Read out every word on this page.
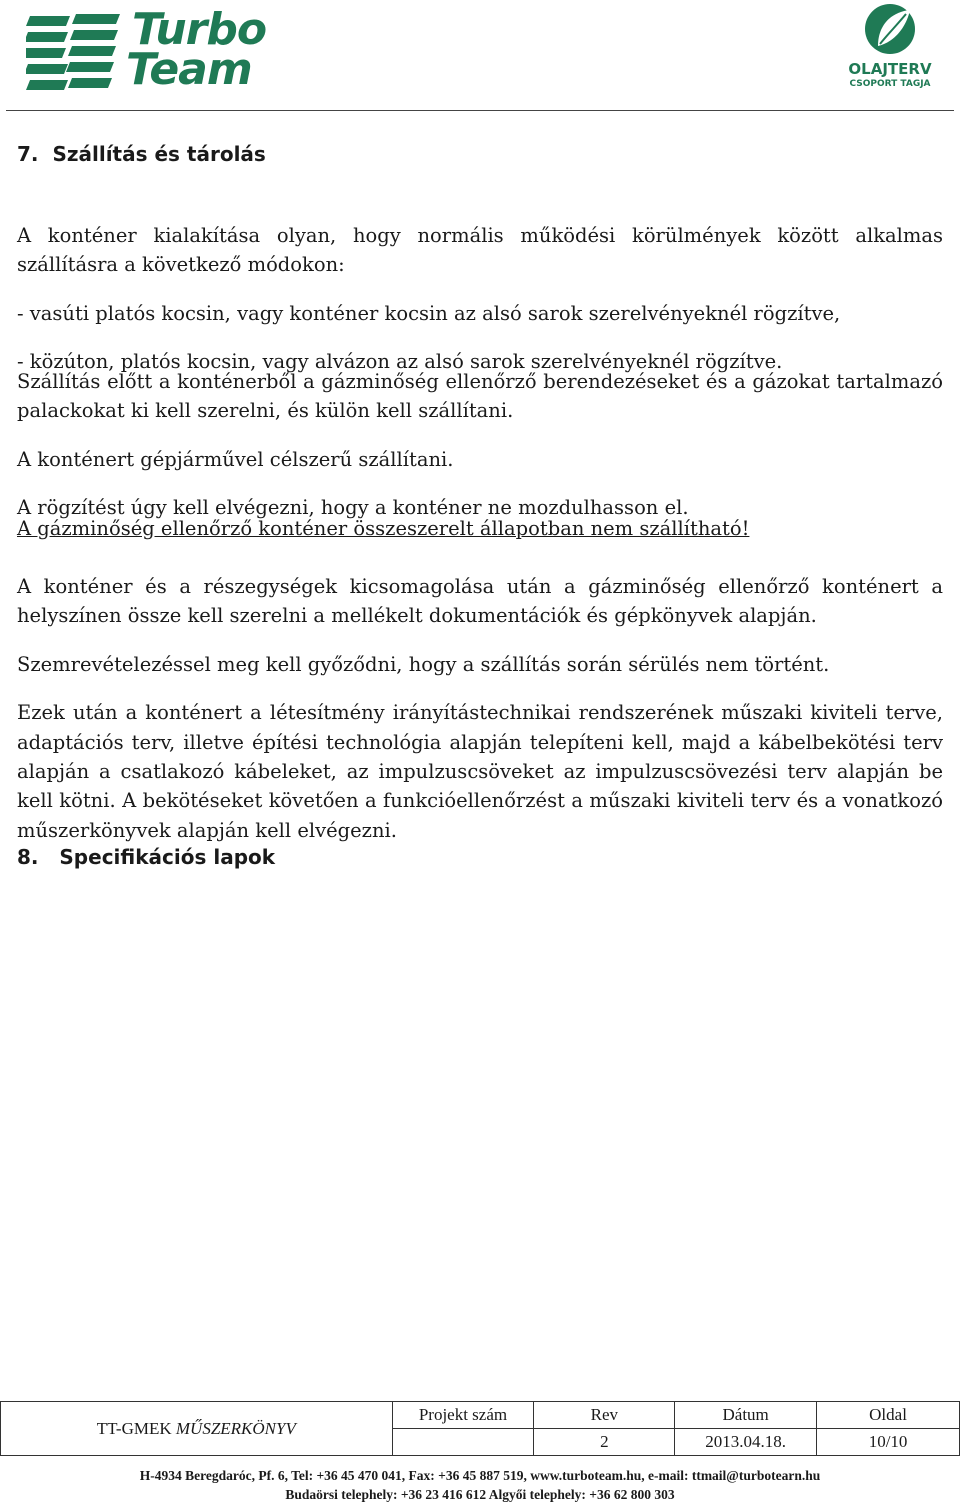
Turbo
Team	OLAJTERV
CSOPORT TAGJA
7. Szállítás és tárolás

A konténer kialakítása olyan, hogy normális működési körülmények között alkalmas szállításra a következő módokon:

- vasúti platós kocsin, vagy konténer kocsin az alsó sarok szerelvényeknél rögzítve,

- közúton, platós kocsin, vagy alvázon az alsó sarok szerelvényeknél rögzítve.

Szállítás előtt a konténerből a gázminőség ellenőrző berendezéseket és a gázokat tartalmazó palackokat ki kell szerelni, és külön kell szállítani.

A konténert gépjárművel célszerű szállítani.

A rögzítést úgy kell elvégezni, hogy a konténer ne mozdulhasson el.

A gázminőség ellenőrző konténer összeszerelt állapotban nem szállítható!

A konténer és a részegységek kicsomagolása után a gázminőség ellenőrző konténert a helyszínen össze kell szerelni a mellékelt dokumentációk és gépkönyvek alapján.

Szemrevételezéssel meg kell győződni, hogy a szállítás során sérülés nem történt.

Ezek után a konténert a létesítmény irányítástechnikai rendszerének műszaki kiviteli terve, adaptációs terv, illetve építési technológia alapján telepíteni kell, majd a kábelbekötési terv alapján a csatlakozó kábeleket, az impulzuscsöveket az impulzuscsövezési terv alapján be kell kötni. A bekötéseket követően a funkcióellenőrzést a műszaki kiviteli terv és a vonatkozó műszerkönyvek alapján kell elvégezni.

8. Specifikációs lapok
TT-GMEK MŰSZERKÖNYV	Projekt szám	Rev	Dátum	Oldal
		2	2013.04.18.	10/10
H-4934 Beregdaróc, Pf. 6, Tel: +36 45 470 041, Fax: +36 45 887 519, www.turboteam.hu, e-mail: ttmail@turbotearn.hu
Budaörsi telephely: +36 23 416 612 Algyői telephely: +36 62 800 303
